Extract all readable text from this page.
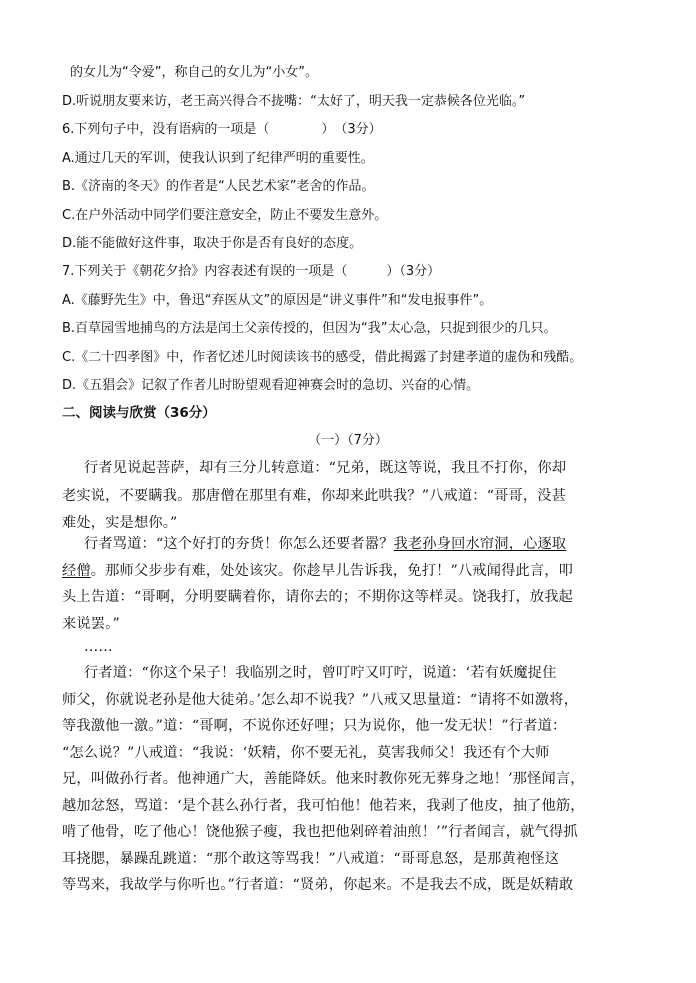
的女儿为“令爱”，称自己的女儿为“小女”。
D.听说朋友要来访，老王高兴得合不拢嘴：“太好了，明天我一定恭候各位光临。”
6.下列句子中，没有语病的一项是（　　　　）　（3分）
A.通过几天的军训，使我认识到了纪律严明的重要性。
B.《济南的冬天》的作者是“人民艺术家”老舍的作品。
C.在户外活动中同学们要注意安全，防止不要发生意外。
D.能不能做好这件事，取决于你是否有良好的态度。
7.下列关于《朝花夕拾》内容表述有误的一项是（　　　）（3分）
A.《藤野先生》中，鲁迅“弃医从文”的原因是“讲义事件”和“发电报事件”。
B.百草园雪地捕鸟的方法是闰土父亲传授的，但因为“我”太心急，只捉到很少的几只。
C.《二十四孝图》中，作者忆述儿时阅读该书的感受，借此揭露了封建孝道的虚伪和残酷。
D.《五猖会》记叙了作者儿时盼望观看迎神赛会时的急切、兴奋的心情。
二、阅读与欣赏（36分）
（一）（7分）
行者见说起菩萨，却有三分儿转意道：“兄弟，既这等说，我且不打你，你却
老实说，不要瞒我。那唐僧在那里有难，你却来此哄我？”八戒道：“哥哥，没甚
难处，实是想你。”
行者骂道：“这个好打的夯货！你怎么还要者嚣？我老孙身回水帘洞，心逐取
经僧。那师父步步有难，处处该灾。你趁早儿告诉我，免打！”八戒闻得此言，叩
头上告道：“哥啊，分明要瞒着你，请你去的；不期你这等样灵。饶我打，放我起
来说罢。”
……
行者道：“你这个呆子！我临别之时，曾叮咛又叮咛，说道：‘若有妖魔捉住
师父，你就说老孙是他大徒弟。’怎么却不说我？”八戒又思量道：“请将不如激将，
等我激他一激。”道：“哥啊，不说你还好哩；只为说你，他一发无状！”行者道：
“怎么说？”八戒道：“我说：‘妖精，你不要无礼，莫害我师父！我还有个大师
兄，叫做孙行者。他神通广大，善能降妖。他来时教你死无葬身之地！’那怪闻言，
越加忿怒，骂道：‘是个甚么孙行者，我可怕他！他若来，我剥了他皮，抽了他筋，
啃了他骨，吃了他心！饶他猴子瘦，我也把他剁碎着油煎！’”行者闻言，就气得抓
耳挠腮，暴躁乱跳道：“那个敢这等骂我！”八戒道：“哥哥息怒，是那黄袍怪这
等骂来，我故学与你听也。”行者道：“贤弟，你起来。不是我去不成，既是妖精敢
